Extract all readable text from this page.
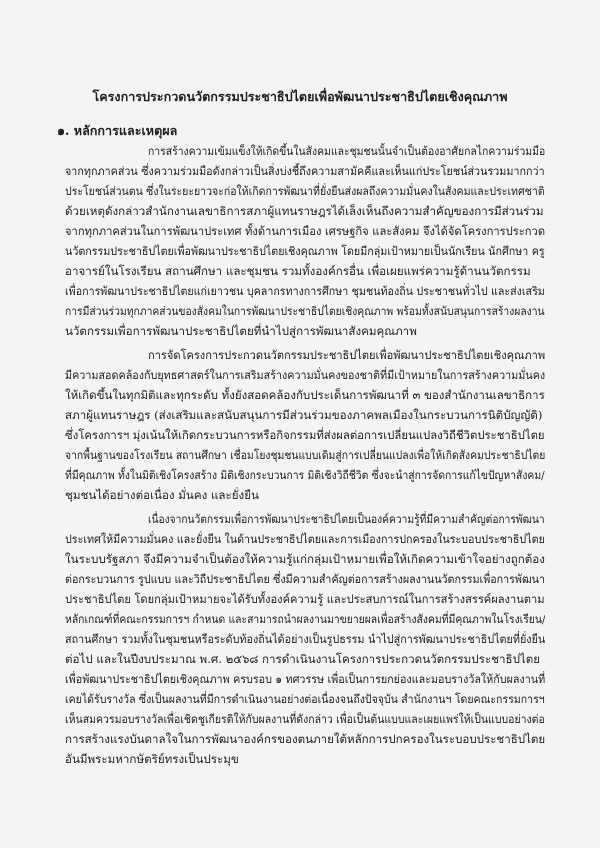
โครงการประกวดนวัตกรรมประชาธิปไตยเพื่อพัฒนาประชาธิปไตยเชิงคุณภาพ
๑. หลักการและเหตุผล
การสร้างความเข้มแข็งให้เกิดขึ้นในสังคมและชุมชนนั้นจำเป็นต้องอาศัยกลไกความร่วมมือ
จากทุกภาคส่วน ซึ่งความร่วมมือดังกล่าวเป็นสิ่งบ่งชี้ถึงความสามัคคีและเห็นแก่ประโยชน์ส่วนรวมมากกว่า
ประโยชน์ส่วนตน ซึ่งในระยะยาวจะก่อให้เกิดการพัฒนาที่ยั่งยืนส่งผลถึงความมั่นคงในสังคมและประเทศชาติ
ด้วยเหตุดังกล่าวสำนักงานเลขาธิการสภาผู้แทนราษฎรได้เล็งเห็นถึงความสำคัญของการมีส่วนร่วม
จากทุกภาคส่วนในการพัฒนาประเทศ ทั้งด้านการเมือง เศรษฐกิจ และสังคม จึงได้จัดโครงการประกวด
นวัตกรรมประชาธิปไตยเพื่อพัฒนาประชาธิปไตยเชิงคุณภาพ โดยมีกลุ่มเป้าหมายเป็นนักเรียน นักศึกษา ครู
อาจารย์ในโรงเรียน สถานศึกษา และชุมชน รวมทั้งองค์กรอื่น เพื่อเผยแพร่ความรู้ด้านนวัตกรรม
เพื่อการพัฒนาประชาธิปไตยแก่เยาวชน บุคลากรทางการศึกษา ชุมชนท้องถิ่น ประชาชนทั่วไป และส่งเสริม
การมีส่วนร่วมทุกภาคส่วนของสังคมในการพัฒนาประชาธิปไตยเชิงคุณภาพ พร้อมทั้งสนับสนุนการสร้างผลงาน
นวัตกรรมเพื่อการพัฒนาประชาธิปไตยที่นำไปสู่การพัฒนาสังคมคุณภาพ
การจัดโครงการประกวดนวัตกรรมประชาธิปไตยเพื่อพัฒนาประชาธิปไตยเชิงคุณภาพ
มีความสอดคล้องกับยุทธศาสตร์ในการเสริมสร้างความมั่นคงของชาติที่มีเป้าหมายในการสร้างความมั่นคง
ให้เกิดขึ้นในทุกมิติและทุกระดับ ทั้งยังสอดคล้องกับประเด็นการพัฒนาที่ ๓ ของสำนักงานเลขาธิการ
สภาผู้แทนราษฎร (ส่งเสริมและสนับสนุนการมีส่วนร่วมของภาคพลเมืองในกระบวนการนิติบัญญัติ)
ซึ่งโครงการฯ มุ่งเน้นให้เกิดกระบวนการหรือกิจกรรมที่ส่งผลต่อการเปลี่ยนแปลงวิถีชีวิตประชาธิปไตย
จากพื้นฐานของโรงเรียน สถานศึกษา เชื่อมโยงชุมชนแบบเดิมสู่การเปลี่ยนแปลงเพื่อให้เกิดสังคมประชาธิปไตย
ที่มีคุณภาพ ทั้งในมิติเชิงโครงสร้าง มิติเชิงกระบวนการ มิติเชิงวิถีชีวิต ซึ่งจะนำสู่การจัดการแก้ไขปัญหาสังคม/
ชุมชนได้อย่างต่อเนื่อง มั่นคง และยั่งยืน
เนื่องจากนวัตกรรมเพื่อการพัฒนาประชาธิปไตยเป็นองค์ความรู้ที่มีความสำคัญต่อการพัฒนา
ประเทศให้มีความมั่นคง และยั่งยืน ในด้านประชาธิปไตยและการเมืองการปกครองในระบอบประชาธิปไตย
ในระบบรัฐสภา จึงมีความจำเป็นต้องให้ความรู้แก่กลุ่มเป้าหมายเพื่อให้เกิดความเข้าใจอย่างถูกต้อง
ต่อกระบวนการ รูปแบบ และวิถีประชาธิปไตย ซึ่งมีความสำคัญต่อการสร้างผลงานนวัตกรรมเพื่อการพัฒนา
ประชาธิปไตย โดยกลุ่มเป้าหมายจะได้รับทั้งองค์ความรู้ และประสบการณ์ในการสร้างสรรค์ผลงานตาม
หลักเกณฑ์ที่คณะกรรมการฯ กำหนด และสามารถนำผลงานมาขยายผลเพื่อสร้างสังคมที่มีคุณภาพในโรงเรียน/
สถานศึกษา รวมทั้งในชุมชนหรือระดับท้องถิ่นได้อย่างเป็นรูปธรรม นำไปสู่การพัฒนาประชาธิปไตยที่ยั่งยืน
ต่อไป และในปีงบประมาณ พ.ศ. ๒๕๖๘ การดำเนินงานโครงการประกวดนวัตกรรมประชาธิปไตย
เพื่อพัฒนาประชาธิปไตยเชิงคุณภาพ ครบรอบ ๑ ทศวรรษ เพื่อเป็นการยกย่องและมอบรางวัลให้กับผลงานที่
เคยได้รับรางวัล ซึ่งเป็นผลงานที่มีการดำเนินงานอย่างต่อเนื่องจนถึงปัจจุบัน สำนักงานฯ โดยคณะกรรมการฯ
เห็นสมควรมอบรางวัลเพื่อเชิดชูเกียรติให้กับผลงานที่ดังกล่าว เพื่อเป็นต้นแบบและเผยแพร่ให้เป็นแบบอย่างต่อ
การสร้างแรงบันดาลใจในการพัฒนาองค์กรของตนภายใต้หลักการปกครองในระบอบประชาธิปไตย
อันมีพระมหากษัตริย์ทรงเป็นประมุข
